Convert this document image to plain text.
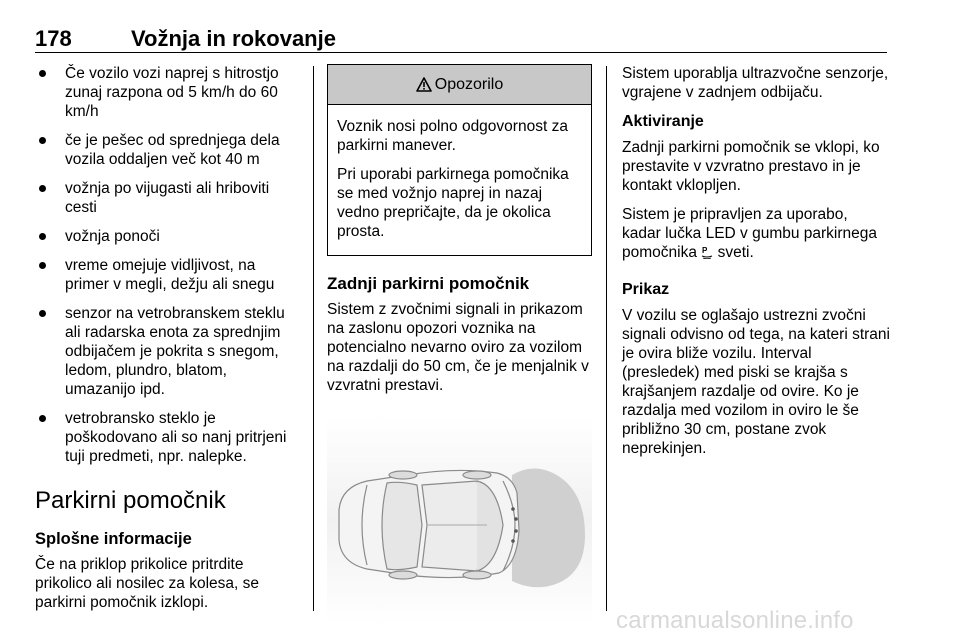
178	Vožnja in rokovanje
Če vozilo vozi naprej s hitrostjo zunaj razpona od 5 km/h do 60 km/h
če je pešec od sprednjega dela vozila oddaljen več kot 40 m
vožnja po vijugasti ali hriboviti cesti
vožnja ponoči
vreme omejuje vidljivost, na primer v megli, dežju ali snegu
senzor na vetrobranskem steklu ali radarska enota za sprednjim odbijačem je pokrita s snegom, ledom, plundro, blatom, umazanijo ipd.
vetrobransko steklo je poškodovano ali so nanj pritrjeni tuji predmeti, npr. nalepke.
Parkirni pomočnik
Splošne informacije

Če na priklop prikolice pritrdite prikolico ali nosilec za kolesa, se parkirni pomočnik izklopi.

Opozorilo

Voznik nosi polno odgovornost za parkirni manever.

Pri uporabi parkirnega pomočnika se med vožnjo naprej in nazaj vedno prepričajte, da je okolica prosta.

Zadnji parkirni pomočnik

Sistem z zvočnimi signali in prikazom na zaslonu opozori voznika na potencialno nevarno oviro za vozilom na razdalji do 50 cm, če je menjalnik v vzvratni prestavi.

Sistem uporablja ultrazvočne senzorje, vgrajene v zadnjem odbijaču.

Aktiviranje

Zadnji parkirni pomočnik se vklopi, ko prestavite v vzvratno prestavo in je kontakt vklopljen.

Sistem je pripravljen za uporabo, kadar lučka LED v gumbu parkirnega pomočnika P sveti.

Prikaz

V vozilu se oglašajo ustrezni zvočni signali odvisno od tega, na kateri strani je ovira bliže vozilu. Interval (presledek) med piski se krajša s krajšanjem razdalje od ovire. Ko je razdalja med vozilom in oviro le še približno 30 cm, postane zvok neprekinjen.

carmanualsonline.info
